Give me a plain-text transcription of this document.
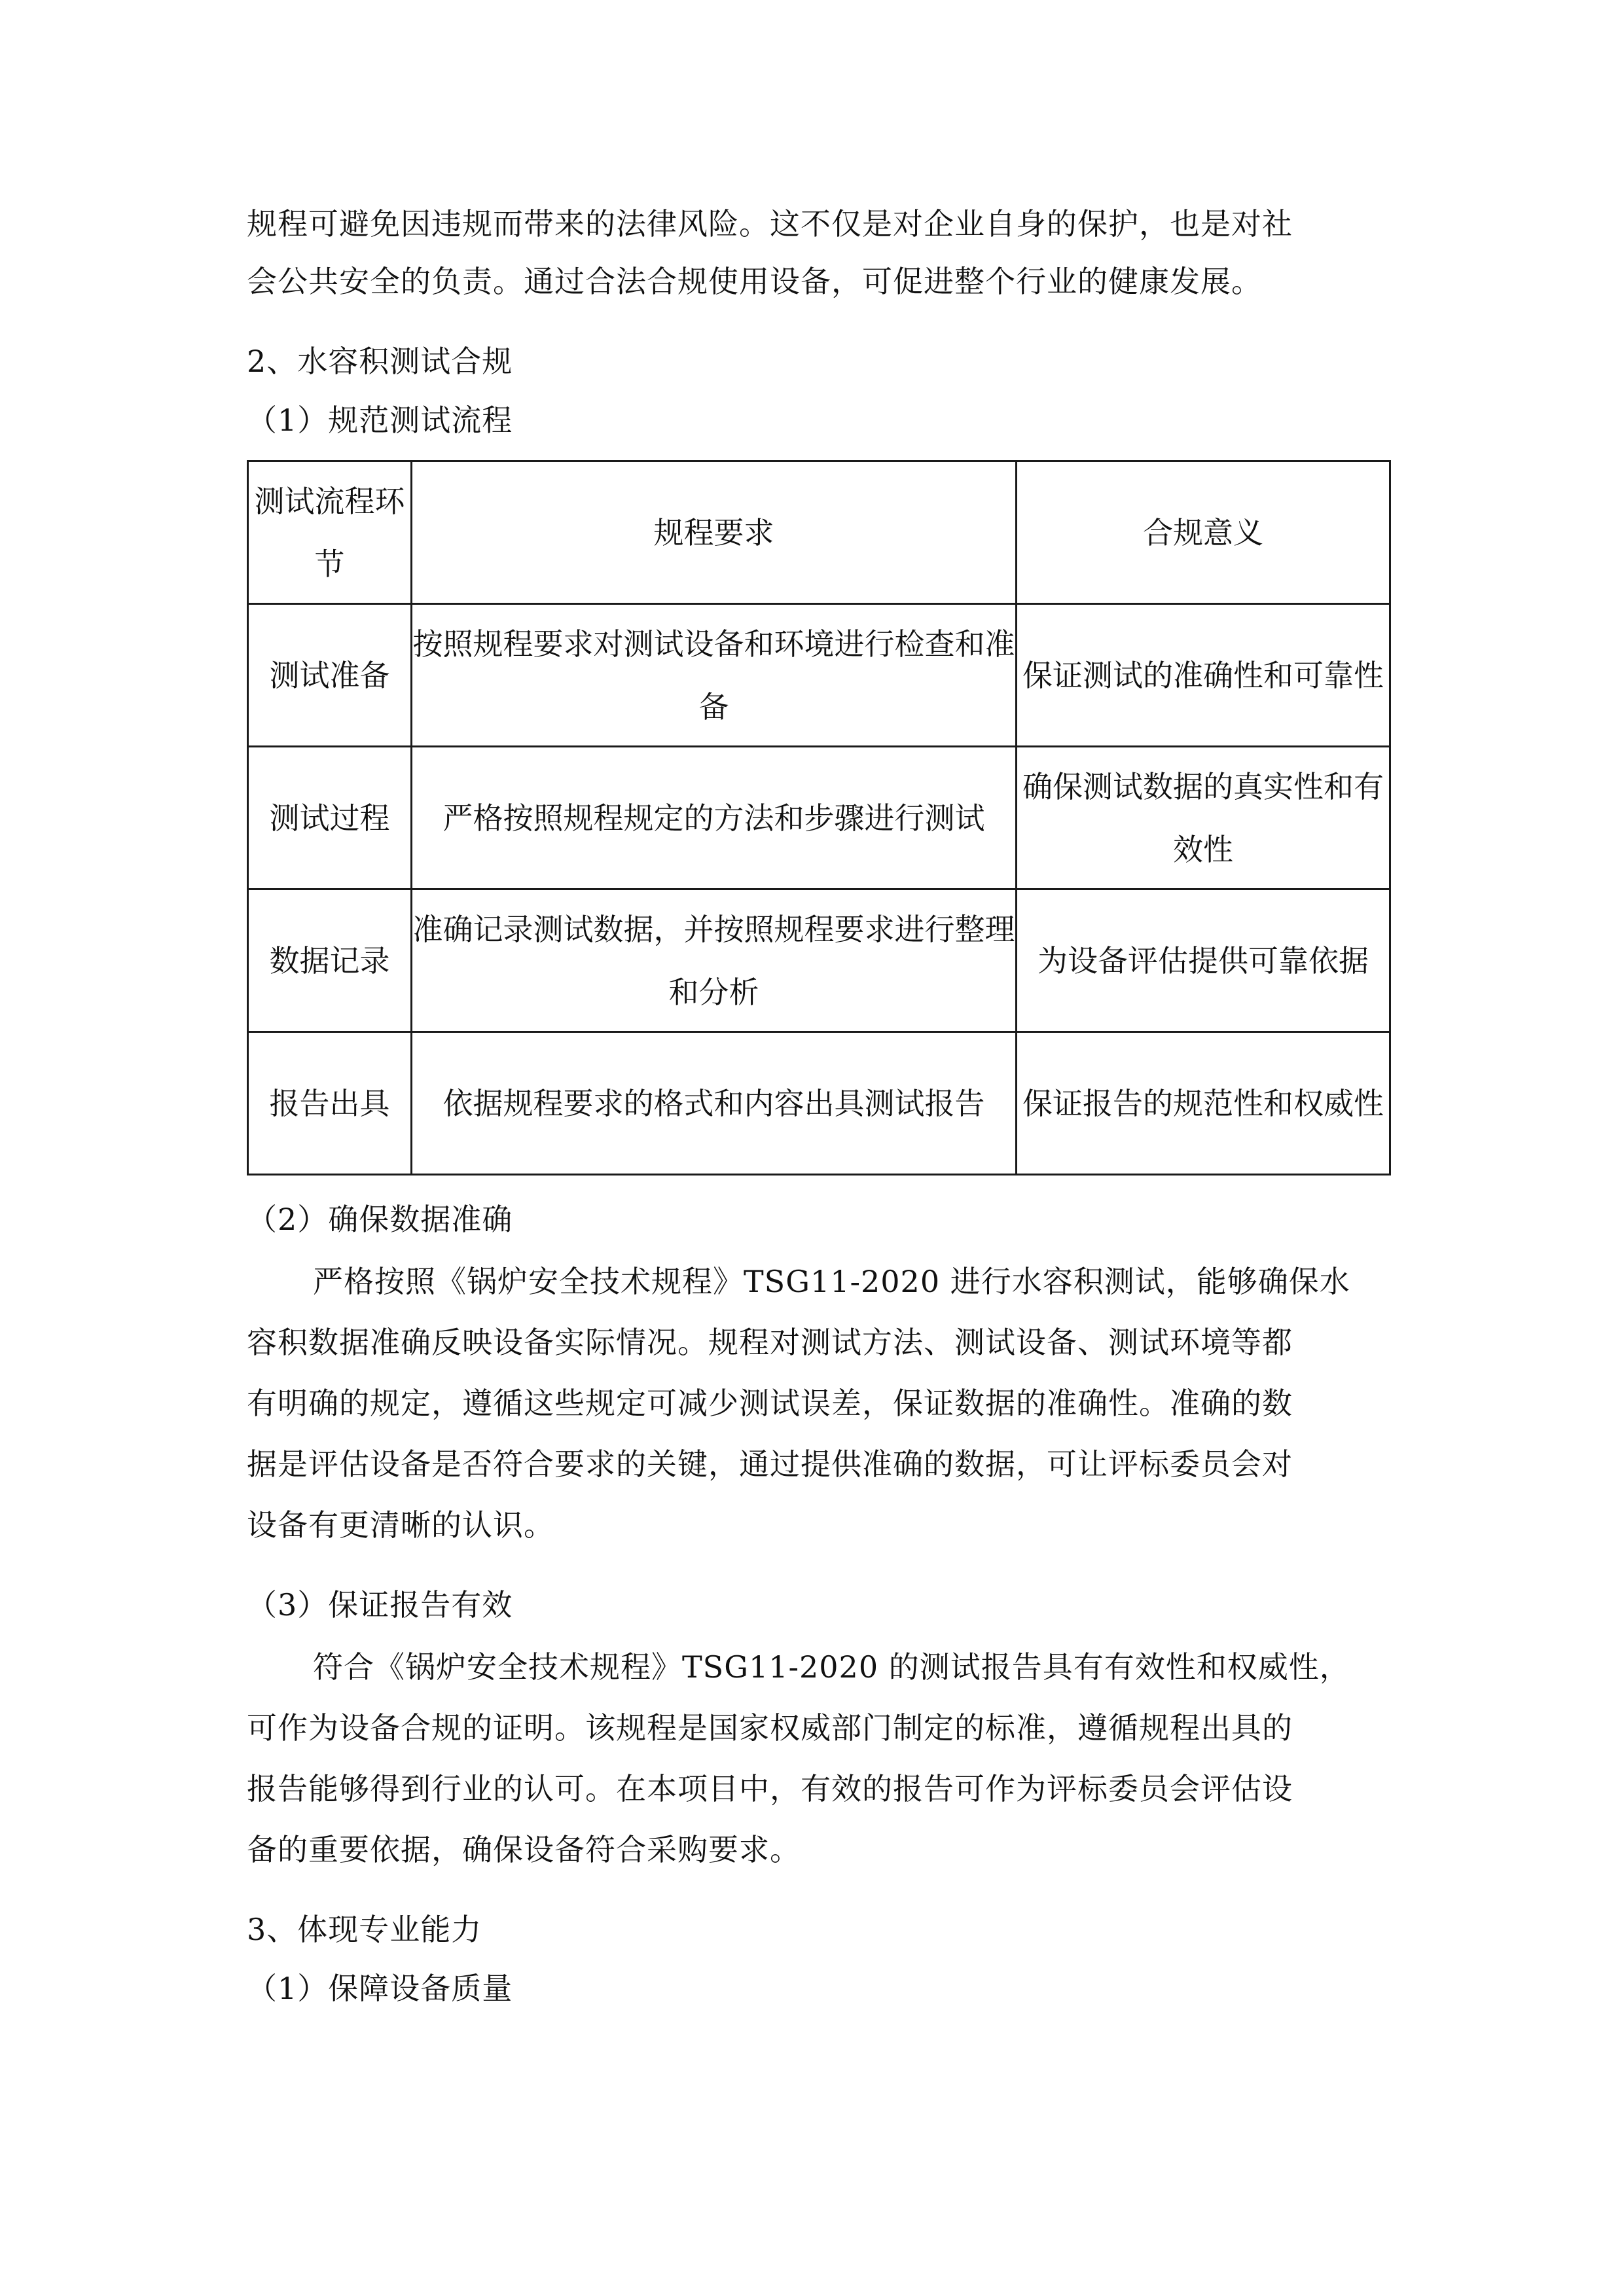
规程可避免因违规而带来的法律风险。这不仅是对企业自身的保护，也是对社
会公共安全的负责。通过合法合规使用设备，可促进整个行业的健康发展。
2、水容积测试合规
（1）规范测试流程
测试流程环节	规程要求	合规意义
测试准备	按照规程要求对测试设备和环境进行检查和准备	保证测试的准确性和可靠性
测试过程	严格按照规程规定的方法和步骤进行测试	确保测试数据的真实性和有效性
数据记录	准确记录测试数据，并按照规程要求进行整理和分析	为设备评估提供可靠依据
报告出具	依据规程要求的格式和内容出具测试报告	保证报告的规范性和权威性
（2）确保数据准确
严格按照《锅炉安全技术规程》TSG11-2020 进行水容积测试，能够确保水
容积数据准确反映设备实际情况。规程对测试方法、测试设备、测试环境等都
有明确的规定，遵循这些规定可减少测试误差，保证数据的准确性。准确的数
据是评估设备是否符合要求的关键，通过提供准确的数据，可让评标委员会对
设备有更清晰的认识。
（3）保证报告有效
符合《锅炉安全技术规程》TSG11-2020 的测试报告具有有效性和权威性，
可作为设备合规的证明。该规程是国家权威部门制定的标准，遵循规程出具的
报告能够得到行业的认可。在本项目中，有效的报告可作为评标委员会评估设
备的重要依据，确保设备符合采购要求。
3、体现专业能力
（1）保障设备质量
